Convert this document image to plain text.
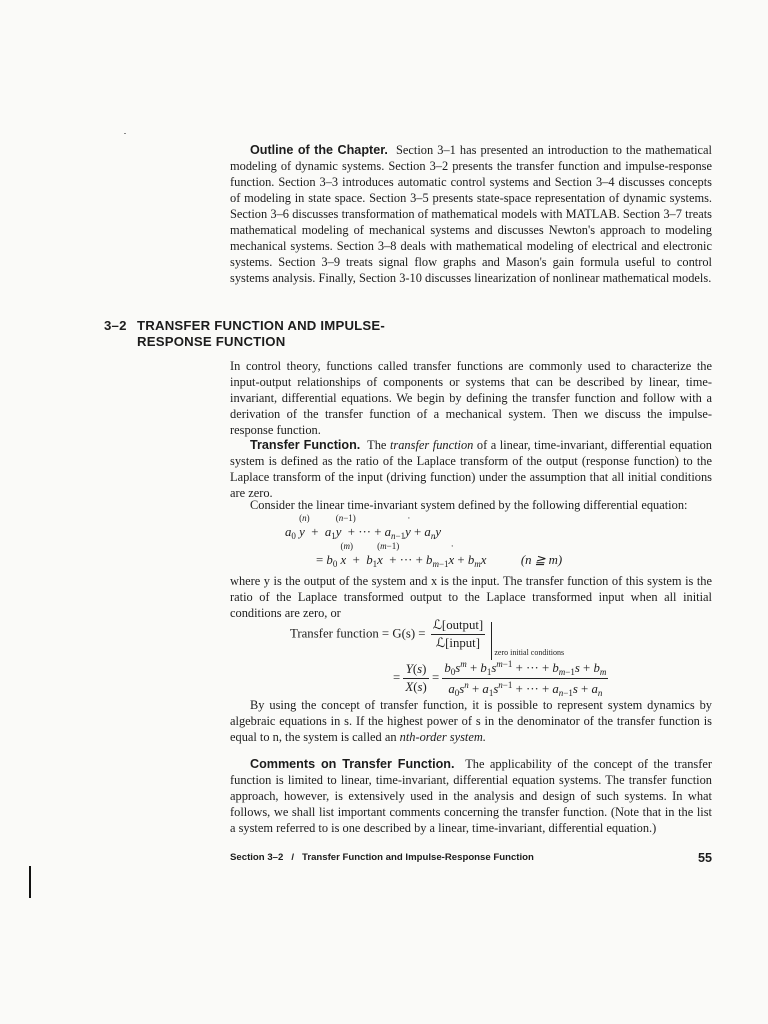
Outline of the Chapter. Section 3–1 has presented an introduction to the mathematical modeling of dynamic systems. Section 3–2 presents the transfer function and impulse-response function. Section 3–3 introduces automatic control systems and Section 3–4 discusses concepts of modeling in state space. Section 3–5 presents state-space representation of dynamic systems. Section 3–6 discusses transformation of mathematical models with MATLAB. Section 3–7 treats mathematical modeling of mechanical systems and discusses Newton's approach to modeling mechanical systems. Section 3–8 deals with mathematical modeling of electrical and electronic systems. Section 3–9 treats signal flow graphs and Mason's gain formula useful to control systems analysis. Finally, Section 3-10 discusses linearization of nonlinear mathematical models.

3–2 TRANSFER FUNCTION AND IMPULSE-
RESPONSE FUNCTION

In control theory, functions called transfer functions are commonly used to characterize the input-output relationships of components or systems that can be described by linear, time-invariant, differential equations. We begin by defining the transfer function and follow with a derivation of the transfer function of a mechanical system. Then we discuss the impulse-response function.

Transfer Function. The transfer function of a linear, time-invariant, differential equation system is defined as the ratio of the Laplace transform of the output (response function) to the Laplace transform of the input (driving function) under the assumption that all initial conditions are zero.

Consider the linear time-invariant system defined by the following differential equation:

$a_0$
(n)
$y + a_1$
(n−1)
y  + ··· + $a_{n-1}$
·
$y + a_ny$
= $b_0$
(m)
$x + b_1$
(m−1)
x  + ··· + $b_{m-1}$
·
$x + b_mx$	(n ≧ m)

where y is the output of the system and x is the input. The transfer function of this system is the ratio of the Laplace transformed output to the Laplace transformed input when all initial conditions are zero, or

Transfer function = $G(s) = \frac{\text{ℒ[output]}}{\text{ℒ[input]}}$
zero initial conditions
= $\frac{Y(s)}{X(s)} = \frac{b_0s^m + b_1s^{m-1} + \cdot\cdot\cdot + b_{m-1}s + b_m}{a_0s^n + a_1s^{n-1} + \cdot\cdot\cdot + a_{n-1}s + a_n}$

By using the concept of transfer function, it is possible to represent system dynamics by algebraic equations in s. If the highest power of s in the denominator of the transfer function is equal to n, the system is called an nth-order system.

Comments on Transfer Function. The applicability of the concept of the transfer function is limited to linear, time-invariant, differential equation systems. The transfer function approach, however, is extensively used in the analysis and design of such systems. In what follows, we shall list important comments concerning the transfer function. (Note that in the list a system referred to is one described by a linear, time-invariant, differential equation.)

Section 3–2 / Transfer Function and Impulse-Response Function	55
